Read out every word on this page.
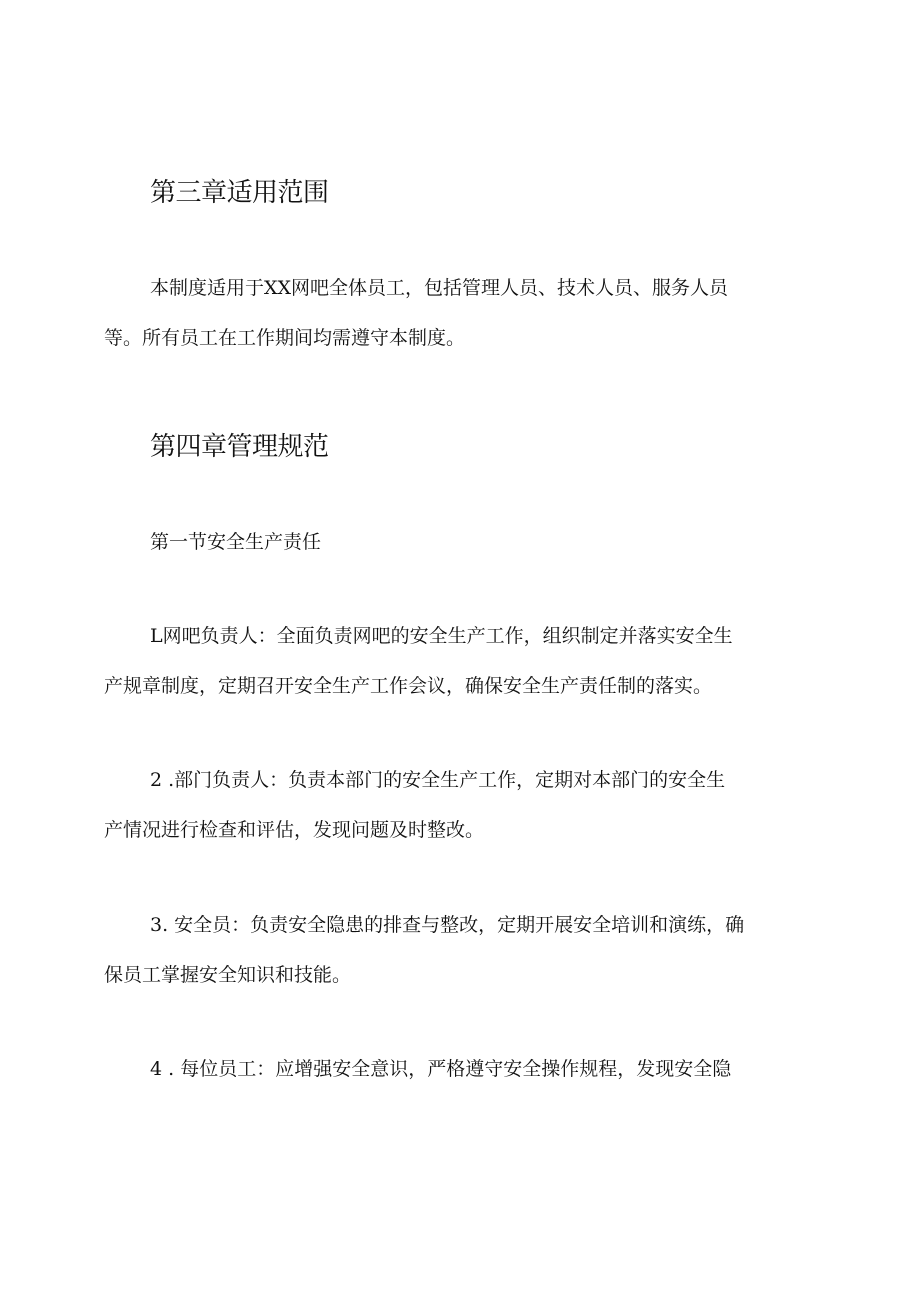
第三章适用范围
本制度适用于XX网吧全体员工，包括管理人员、技术人员、服务人员
等。所有员工在工作期间均需遵守本制度。
第四章管理规范
第一节安全生产责任
L网吧负责人：全面负责网吧的安全生产工作，组织制定并落实安全生
产规章制度，定期召开安全生产工作会议，确保安全生产责任制的落实。
2 .部门负责人：负责本部门的安全生产工作，定期对本部门的安全生
产情况进行检查和评估，发现问题及时整改。
3. 安全员：负责安全隐患的排查与整改，定期开展安全培训和演练，确
保员工掌握安全知识和技能。
4 . 每位员工：应增强安全意识，严格遵守安全操作规程，发现安全隐
